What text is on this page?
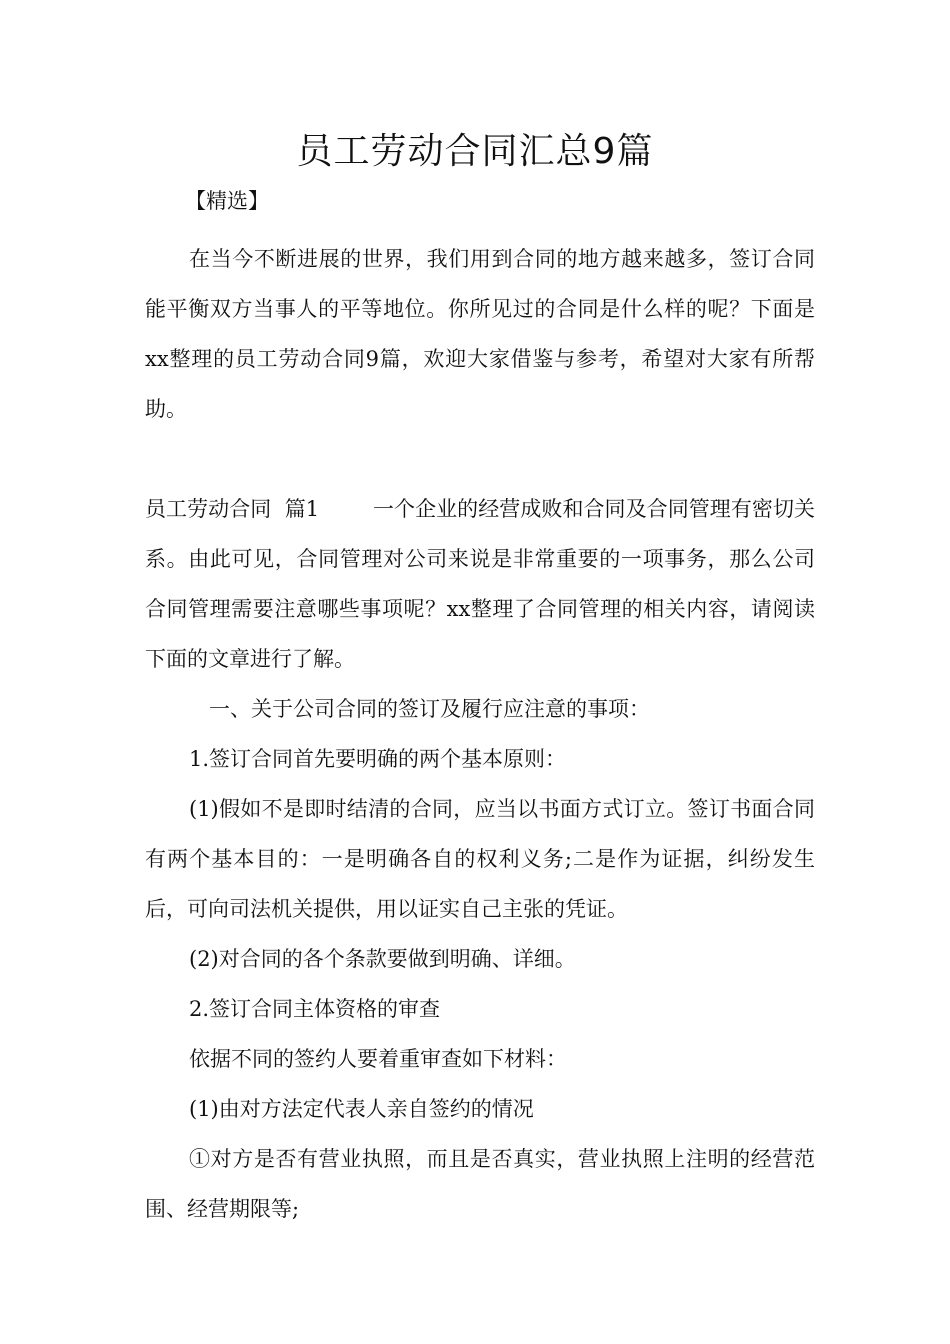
员工劳动合同汇总9篇

【精选】

在当今不断进展的世界，我们用到合同的地方越来越多，签订合同能平衡双方当事人的平等地位。你所见过的合同是什么样的呢？下面是xx整理的员工劳动合同9篇，欢迎大家借鉴与参考，希望对大家有所帮助。

员工劳动合同  篇1	一个企业的经营成败和合同及合同管理有密切关系。由此可见，合同管理对公司来说是非常重要的一项事务，那么公司合同管理需要注意哪些事项呢？xx整理了合同管理的相关内容，请阅读下面的文章进行了解。

一、关于公司合同的签订及履行应注意的事项：

1.签订合同首先要明确的两个基本原则：

(1)假如不是即时结清的合同，应当以书面方式订立。签订书面合同有两个基本目的：一是明确各自的权利义务;二是作为证据，纠纷发生后，可向司法机关提供，用以证实自己主张的凭证。

(2)对合同的各个条款要做到明确、详细。

2.签订合同主体资格的审查

依据不同的签约人要着重审查如下材料：

(1)由对方法定代表人亲自签约的情况

①对方是否有营业执照，而且是否真实，营业执照上注明的经营范围、经营期限等;
